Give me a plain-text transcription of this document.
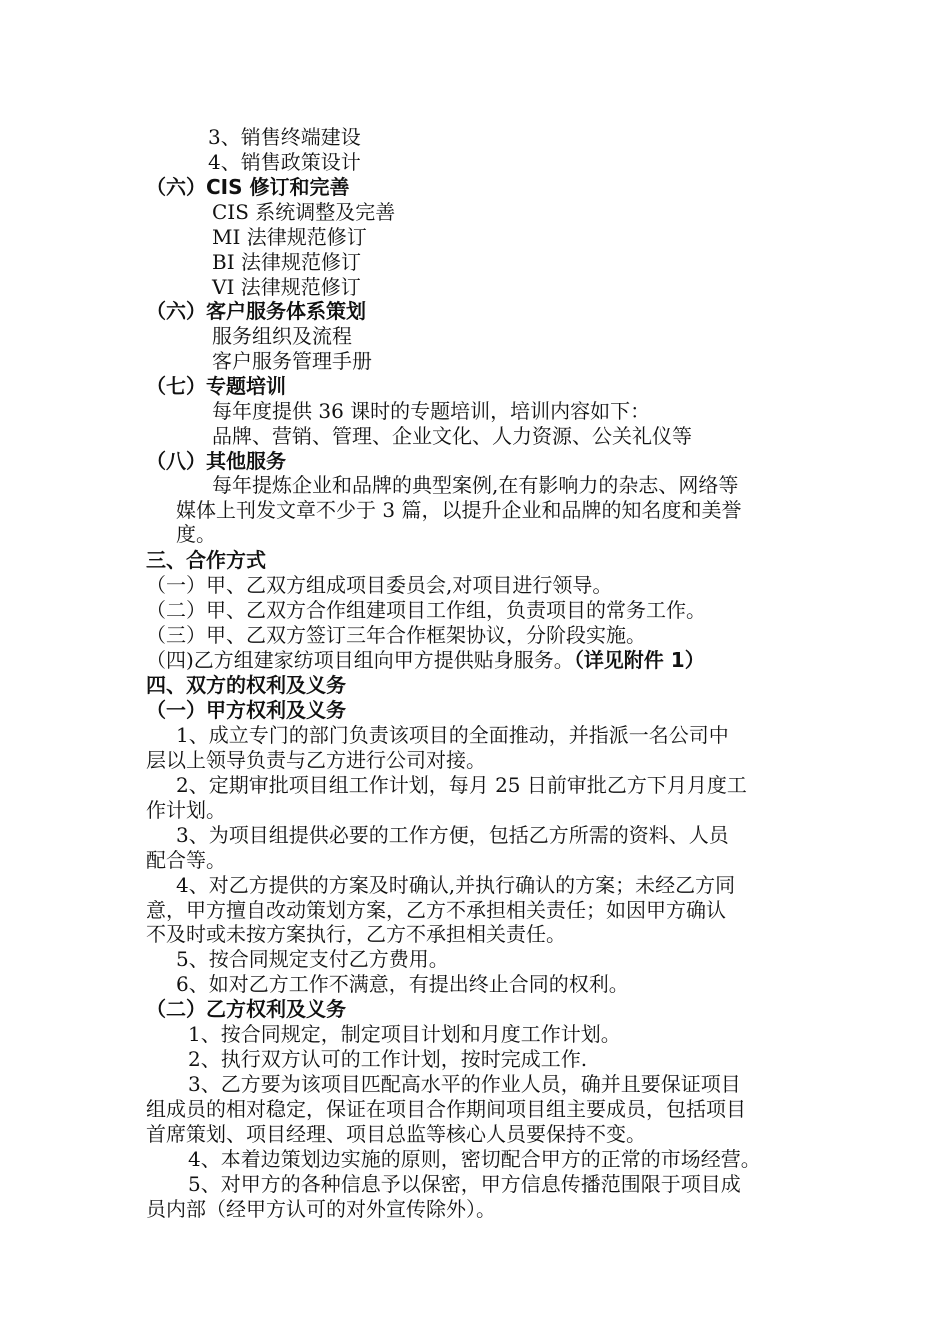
3、销售终端建设
4、销售政策设计
（六）CIS 修订和完善
CIS 系统调整及完善
MI 法律规范修订
BI 法律规范修订
VI 法律规范修订
（六）客户服务体系策划
服务组织及流程
客户服务管理手册
（七）专题培训
每年度提供 36 课时的专题培训，培训内容如下：
品牌、营销、管理、企业文化、人力资源、公关礼仪等
（八）其他服务
每年提炼企业和品牌的典型案例,在有影响力的杂志、网络等
媒体上刊发文章不少于 3 篇，以提升企业和品牌的知名度和美誉
度。
三、合作方式
（一）甲、乙双方组成项目委员会,对项目进行领导。
（二）甲、乙双方合作组建项目工作组，负责项目的常务工作。
（三）甲、乙双方签订三年合作框架协议，分阶段实施。
（四)乙方组建家纺项目组向甲方提供贴身服务。（详见附件 1）
四、双方的权利及义务
（一）甲方权利及义务
1、成立专门的部门负责该项目的全面推动，并指派一名公司中
层以上领导负责与乙方进行公司对接。
2、定期审批项目组工作计划，每月 25 日前审批乙方下月月度工
作计划。
3、为项目组提供必要的工作方便，包括乙方所需的资料、人员
配合等。
4、对乙方提供的方案及时确认,并执行确认的方案；未经乙方同
意，甲方擅自改动策划方案，乙方不承担相关责任；如因甲方确认
不及时或未按方案执行，乙方不承担相关责任。
5、按合同规定支付乙方费用。
6、如对乙方工作不满意，有提出终止合同的权利。
（二）乙方权利及义务
1、按合同规定，制定项目计划和月度工作计划。
2、执行双方认可的工作计划，按时完成工作.
3、乙方要为该项目匹配高水平的作业人员，确并且要保证项目
组成员的相对稳定，保证在项目合作期间项目组主要成员，包括项目
首席策划、项目经理、项目总监等核心人员要保持不变。
4、本着边策划边实施的原则，密切配合甲方的正常的市场经营。
5、对甲方的各种信息予以保密，甲方信息传播范围限于项目成
员内部（经甲方认可的对外宣传除外）。
